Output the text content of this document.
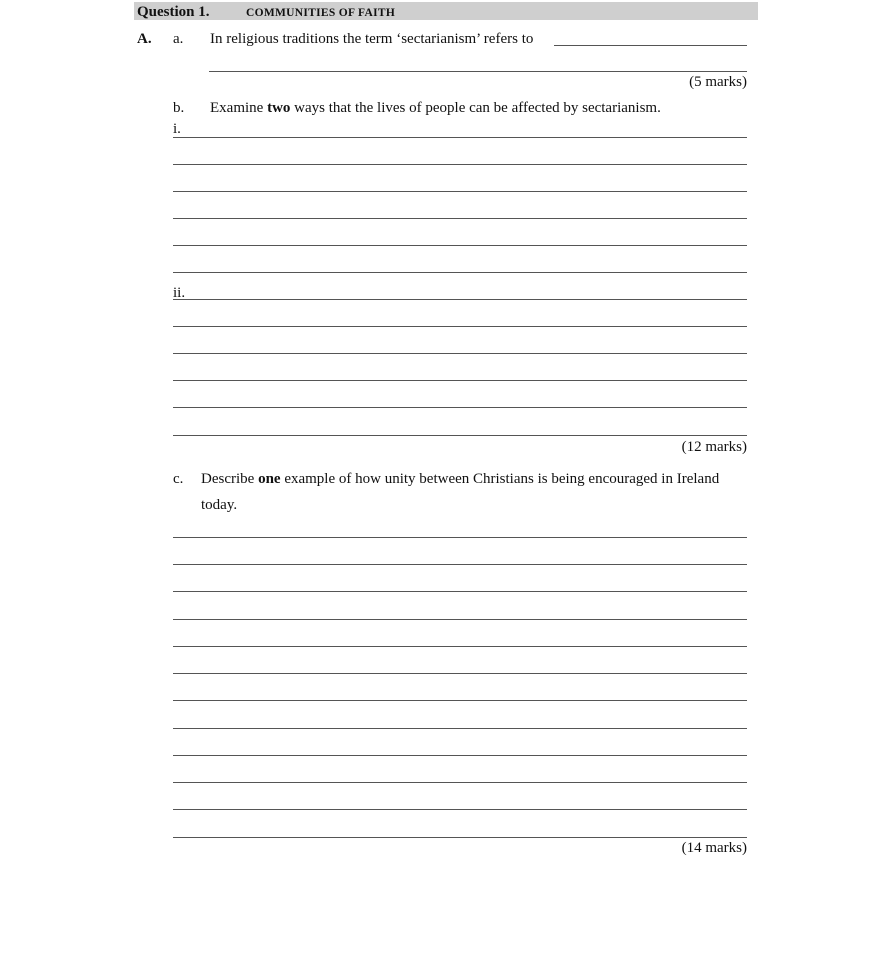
Question 1.	COMMUNITIES OF FAITH
A. a. In religious traditions the term ‘sectarianism’ refers to
(5 marks)
b. Examine two ways that the lives of people can be affected by sectarianism.
i.
ii.
(12 marks)
c. Describe one example of how unity between Christians is being encouraged in Ireland
today.
(14 marks)
